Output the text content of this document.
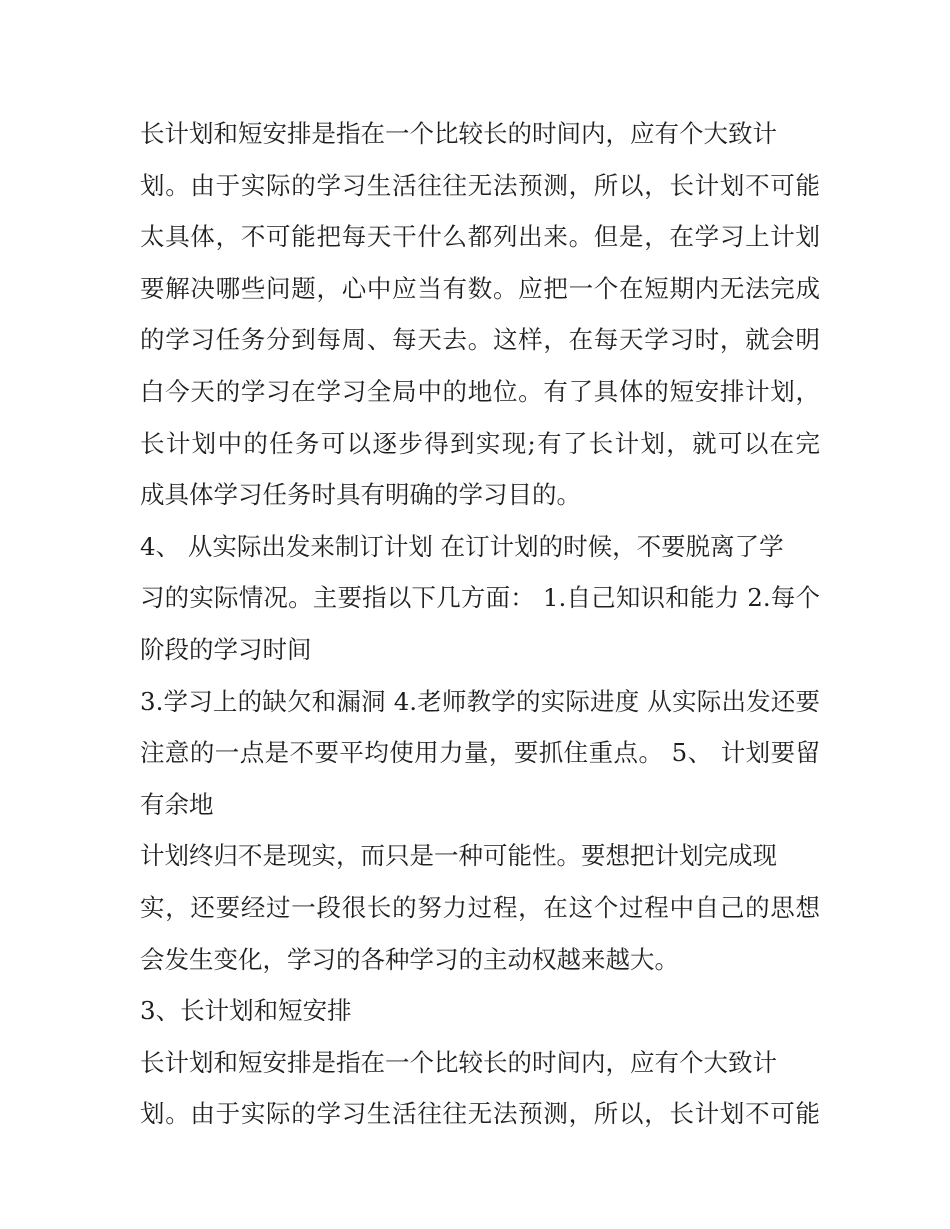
长计划和短安排是指在一个比较长的时间内，应有个大致计
划。由于实际的学习生活往往无法预测，所以，长计划不可能
太具体，不可能把每天干什么都列出来。但是，在学习上计划
要解决哪些问题，心中应当有数。应把一个在短期内无法完成
的学习任务分到每周、每天去。这样，在每天学习时，就会明
白今天的学习在学习全局中的地位。有了具体的短安排计划，
长计划中的任务可以逐步得到实现;有了长计划，就可以在完
成具体学习任务时具有明确的学习目的。
4、 从实际出发来制订计划 在订计划的时候，不要脱离了学
习的实际情况。主要指以下几方面： 1.自己知识和能力 2.每个
阶段的学习时间
3.学习上的缺欠和漏洞 4.老师教学的实际进度 从实际出发还要
注意的一点是不要平均使用力量，要抓住重点。 5、 计划要留
有余地
计划终归不是现实，而只是一种可能性。要想把计划完成现
实，还要经过一段很长的努力过程，在这个过程中自己的思想
会发生变化，学习的各种学习的主动权越来越大。
3、长计划和短安排
长计划和短安排是指在一个比较长的时间内，应有个大致计
划。由于实际的学习生活往往无法预测，所以，长计划不可能
